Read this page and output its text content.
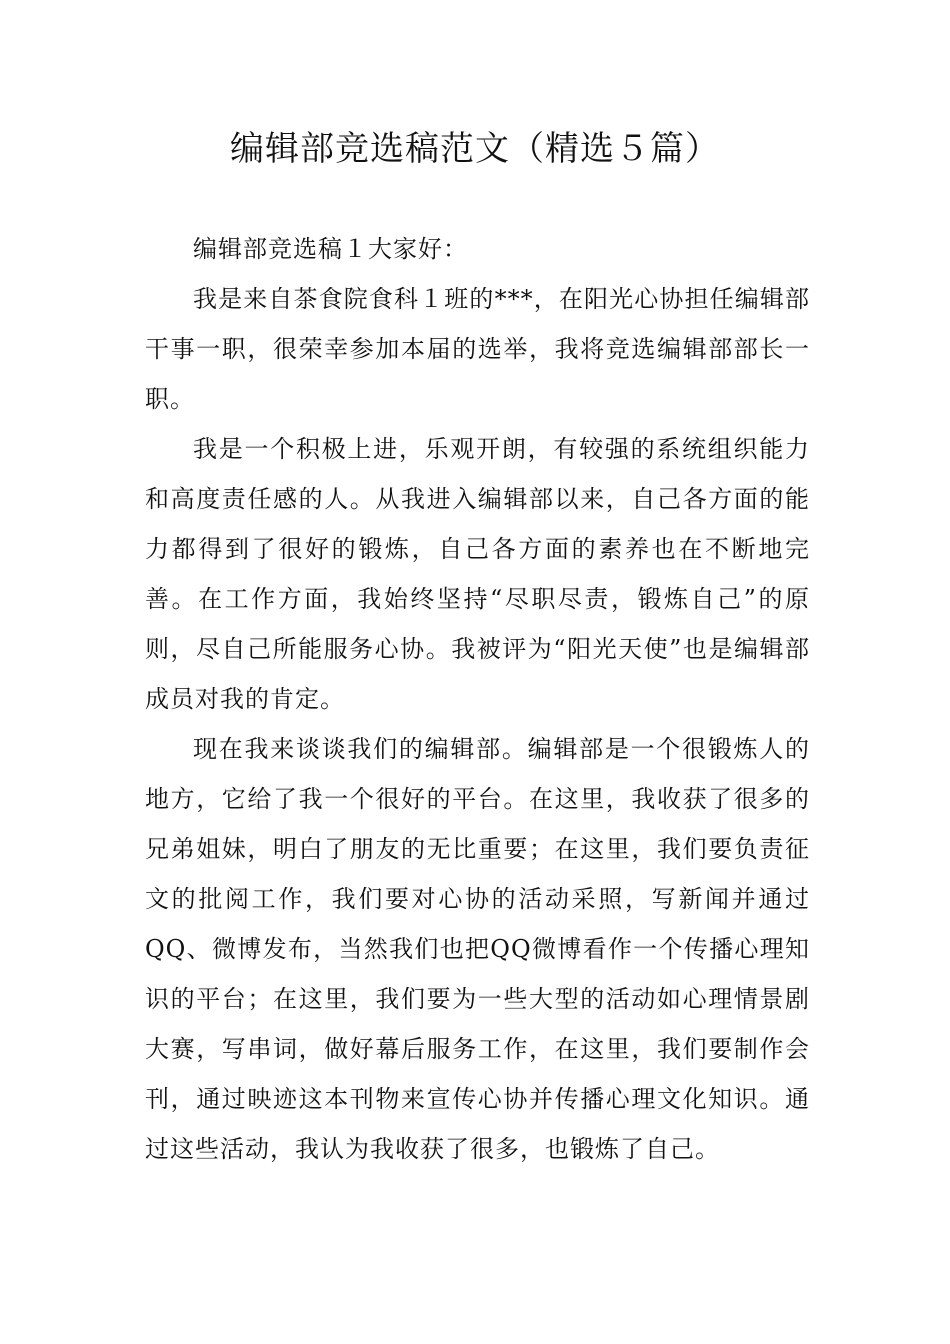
编辑部竞选稿范文（精选５篇）

编辑部竞选稿１大家好：

我是来自茶食院食科１班的***，在阳光心协担任编辑部干事一职，很荣幸参加本届的选举，我将竞选编辑部部长一职。

我是一个积极上进，乐观开朗，有较强的系统组织能力和高度责任感的人。从我进入编辑部以来，自己各方面的能力都得到了很好的锻炼，自己各方面的素养也在不断地完善。在工作方面，我始终坚持“尽职尽责，锻炼自己”的原则，尽自己所能服务心协。我被评为“阳光天使”也是编辑部成员对我的肯定。

现在我来谈谈我们的编辑部。编辑部是一个很锻炼人的地方，它给了我一个很好的平台。在这里，我收获了很多的兄弟姐妹，明白了朋友的无比重要；在这里，我们要负责征文的批阅工作，我们要对心协的活动采照，写新闻并通过QQ、微博发布，当然我们也把QQ微博看作一个传播心理知识的平台；在这里，我们要为一些大型的活动如心理情景剧大赛，写串词，做好幕后服务工作，在这里，我们要制作会刊，通过映迹这本刊物来宣传心协并传播心理文化知识。通过这些活动，我认为我收获了很多，也锻炼了自己。
